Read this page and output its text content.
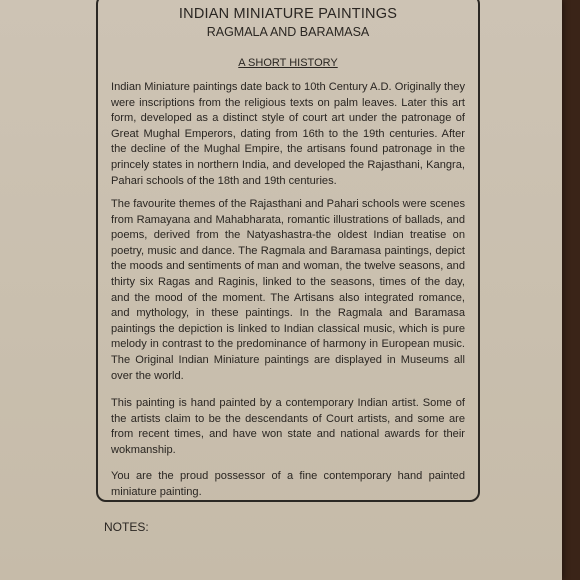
INDIAN MINIATURE PAINTINGS
RAGMALA AND BARAMASA
A SHORT HISTORY

Indian Miniature paintings date back to 10th Century A.D. Originally they were inscriptions from the religious texts on palm leaves. Later this art form, developed as a distinct style of court art under the patronage of Great Mughal Emperors, dating from 16th to the 19th centuries. After the decline of the Mughal Empire, the artisans found patronage in the princely states in northern India, and developed the Rajasthani, Kangra, Pahari schools of the 18th and 19th centuries.

The favourite themes of the Rajasthani and Pahari schools were scenes from Ramayana and Mahabharata, romantic illustrations of ballads, and poems, derived from the Natyashastra-the oldest Indian treatise on poetry, music and dance. The Ragmala and Baramasa paintings, depict the moods and sentiments of man and woman, the twelve seasons, and thirty six Ragas and Raginis, linked to the seasons, times of the day, and the mood of the moment. The Artisans also integrated romance, and mythology, in these paintings. In the Ragmala and Baramasa paintings the depiction is linked to Indian classical music, which is pure melody in contrast to the predominance of harmony in European music. The Original Indian Miniature paintings are displayed in Museums all over the world.

This painting is hand painted by a contemporary Indian artist. Some of the artists claim to be the descendants of Court artists, and some are from recent times, and have won state and national awards for their wokmanship.

You are the proud possessor of a fine contemporary hand painted miniature painting.

NOTES:
